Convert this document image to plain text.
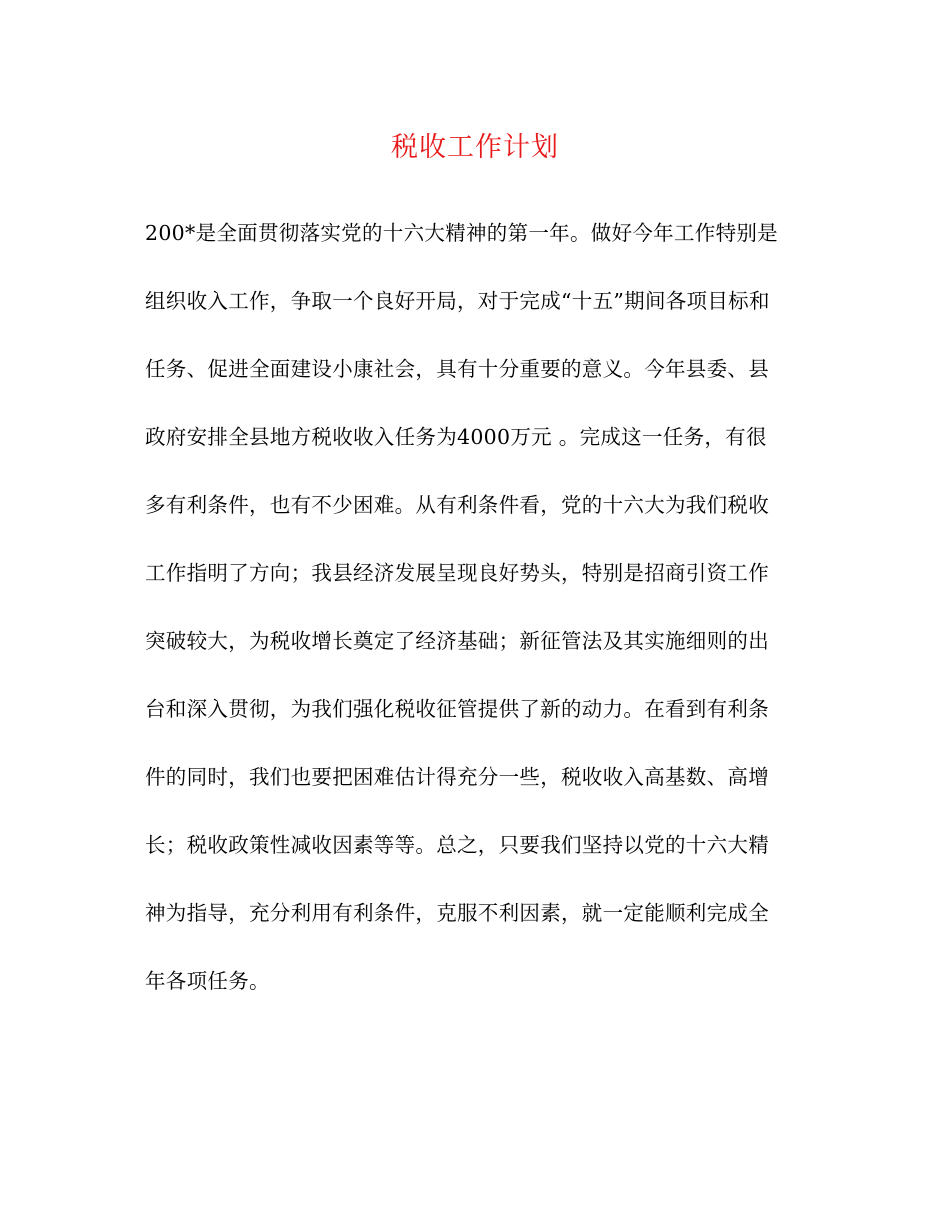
税收工作计划
200*是全面贯彻落实党的十六大精神的第一年。做好今年工作特别是
组织收入工作，争取一个良好开局，对于完成“十五”期间各项目标和
任务、促进全面建设小康社会，具有十分重要的意义。今年县委、县
政府安排全县地方税收收入任务为4000万元 。完成这一任务，有很
多有利条件，也有不少困难。从有利条件看，党的十六大为我们税收
工作指明了方向；我县经济发展呈现良好势头，特别是招商引资工作
突破较大，为税收增长奠定了经济基础；新征管法及其实施细则的出
台和深入贯彻，为我们强化税收征管提供了新的动力。在看到有利条
件的同时，我们也要把困难估计得充分一些，税收收入高基数、高增
长；税收政策性减收因素等等。总之，只要我们坚持以党的十六大精
神为指导，充分利用有利条件，克服不利因素，就一定能顺利完成全
年各项任务。
